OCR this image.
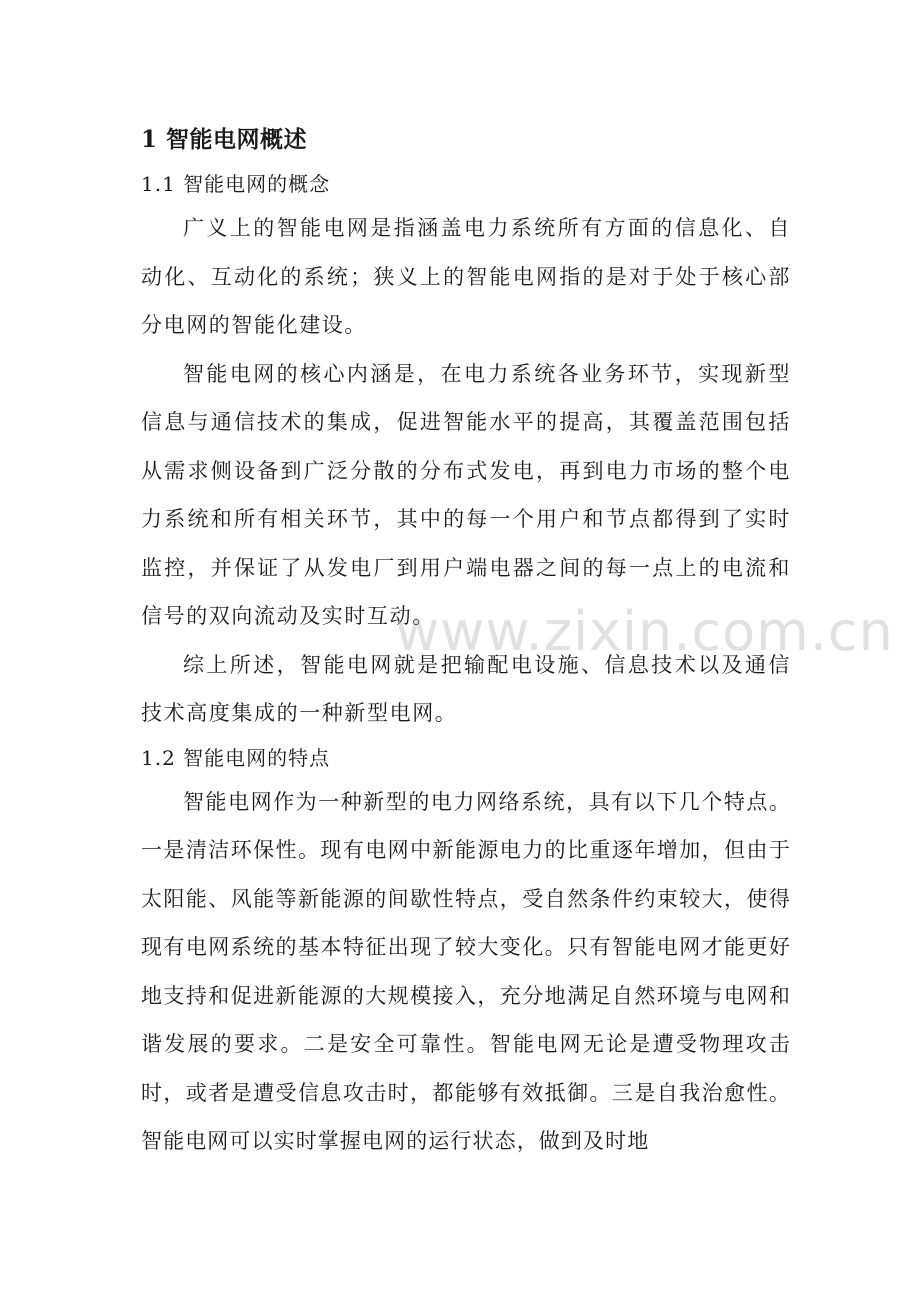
1 智能电网概述
1.1 智能电网的概念

广义上的智能电网是指涵盖电力系统所有方面的信息化、自动化、互动化的系统；狭义上的智能电网指的是对于处于核心部分电网的智能化建设。

智能电网的核心内涵是，在电力系统各业务环节，实现新型信息与通信技术的集成，促进智能水平的提高，其覆盖范围包括从需求侧设备到广泛分散的分布式发电，再到电力市场的整个电力系统和所有相关环节，其中的每一个用户和节点都得到了实时监控，并保证了从发电厂到用户端电器之间的每一点上的电流和信号的双向流动及实时互动。

综上所述，智能电网就是把输配电设施、信息技术以及通信技术高度集成的一种新型电网。

1.2 智能电网的特点

智能电网作为一种新型的电力网络系统，具有以下几个特点。一是清洁环保性。现有电网中新能源电力的比重逐年增加，但由于太阳能、风能等新能源的间歇性特点，受自然条件约束较大，使得现有电网系统的基本特征出现了较大变化。只有智能电网才能更好地支持和促进新能源的大规模接入，充分地满足自然环境与电网和谐发展的要求。二是安全可靠性。智能电网无论是遭受物理攻击时，或者是遭受信息攻击时，都能够有效抵御。三是自我治愈性。智能电网可以实时掌握电网的运行状态，做到及时地

www.zixin.com.cn
